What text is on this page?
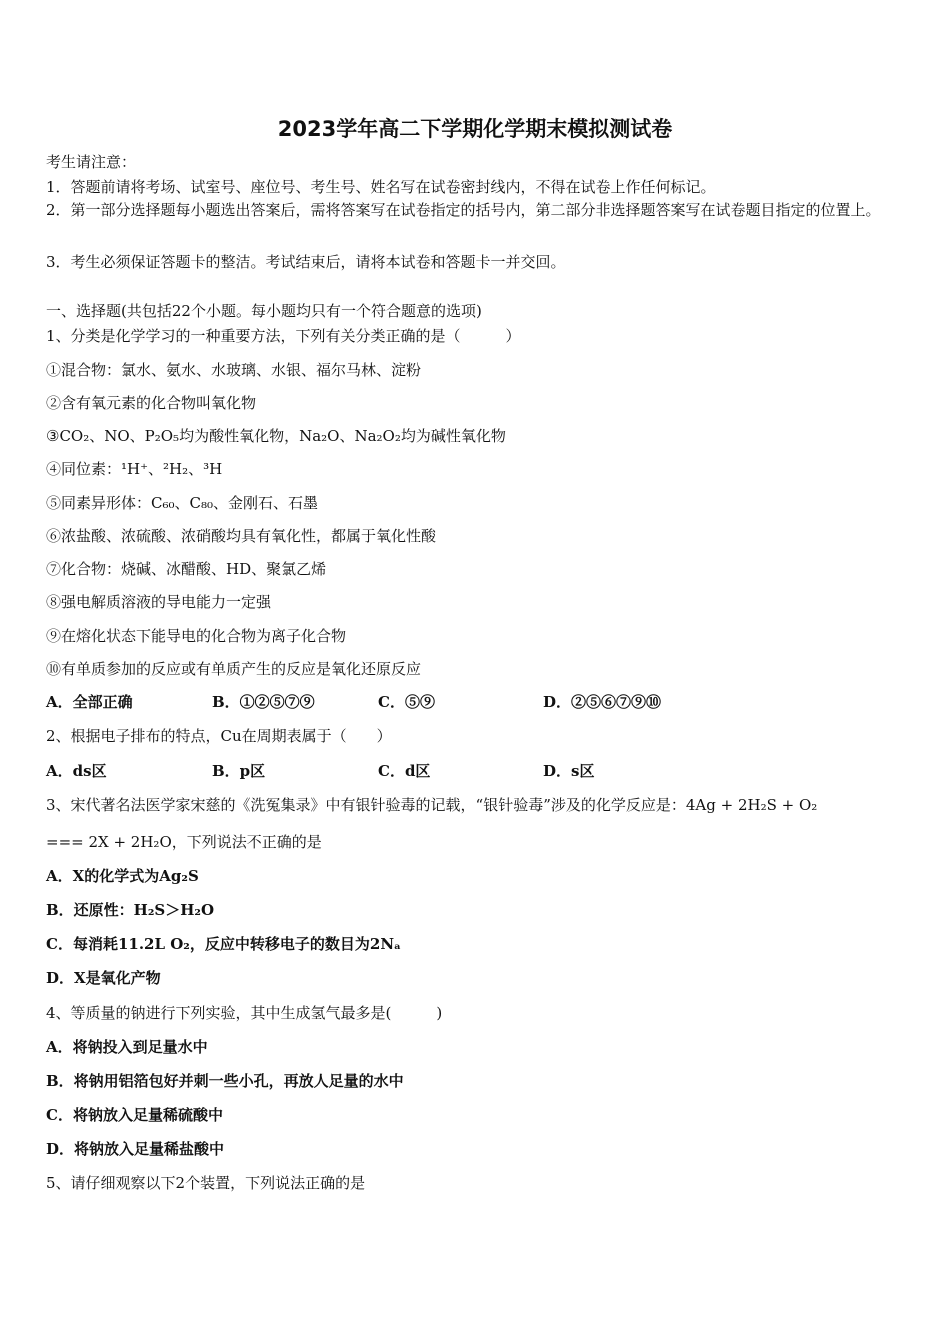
2023学年高二下学期化学期末模拟测试卷
考生请注意：
1．答题前请将考场、试室号、座位号、考生号、姓名写在试卷密封线内，不得在试卷上作任何标记。
2．第一部分选择题每小题选出答案后，需将答案写在试卷指定的括号内，第二部分非选择题答案写在试卷题目指定的位置上。
3．考生必须保证答题卡的整洁。考试结束后，请将本试卷和答题卡一并交回。
一、选择题(共包括22个小题。每小题均只有一个符合题意的选项)
1、分类是化学学习的一种重要方法，下列有关分类正确的是（　　　）
①混合物：氯水、氨水、水玻璃、水银、福尔马林、淀粉
②含有氧元素的化合物叫氧化物
③CO₂、NO、P₂O₅均为酸性氧化物，Na₂O、Na₂O₂均为碱性氧化物
④同位素：¹H⁺、²H₂、³H
⑤同素异形体：C₆₀、C₈₀、金刚石、石墨
⑥浓盐酸、浓硫酸、浓硝酸均具有氧化性，都属于氧化性酸
⑦化合物：烧碱、冰醋酸、HD、聚氯乙烯
⑧强电解质溶液的导电能力一定强
⑨在熔化状态下能导电的化合物为离子化合物
⑩有单质参加的反应或有单质产生的反应是氧化还原反应
A．全部正确	B．①②⑤⑦⑨	C．⑤⑨	D．②⑤⑥⑦⑨⑩
2、根据电子排布的特点，Cu在周期表属于（　　）
A．ds区	B．p区	C．d区	D．s区
3、宋代著名法医学家宋慈的《洗冤集录》中有银针验毒的记载，“银针验毒”涉及的化学反应是：4Ag + 2H₂S + O₂
=== 2X + 2H₂O，下列说法不正确的是
A．X的化学式为Ag₂S
B．还原性：H₂S＞H₂O
C．每消耗11.2L O₂，反应中转移电子的数目为2Nₐ
D．X是氧化产物
4、等质量的钠进行下列实验，其中生成氢气最多是(　　　)
A．将钠投入到足量水中
B．将钠用铝箔包好并刺一些小孔，再放人足量的水中
C．将钠放入足量稀硫酸中
D．将钠放入足量稀盐酸中
5、请仔细观察以下2个装置，下列说法正确的是
